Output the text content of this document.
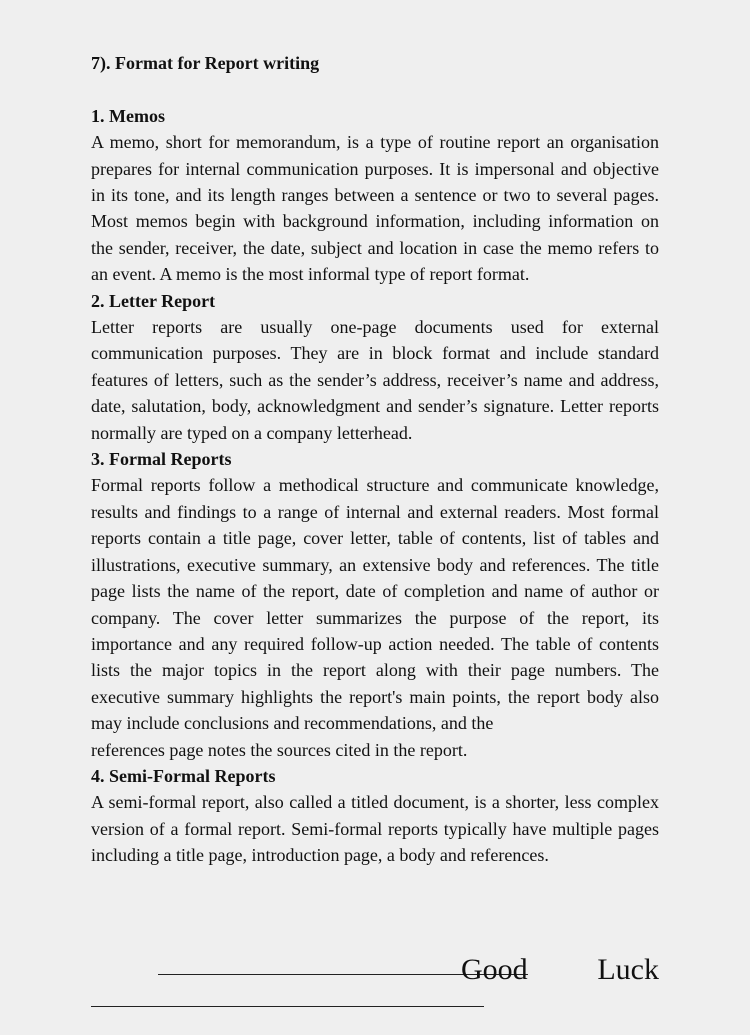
7). Format for Report writing

1. Memos

A memo, short for memorandum, is a type of routine report an organisation prepares for internal communication purposes. It is impersonal and objective in its tone, and its length ranges between a sentence or two to several pages. Most memos begin with background information, including information on the sender, receiver, the date, subject and location in case the memo refers to an event. A memo is the most informal type of report format.

2. Letter Report

Letter reports are usually one-page documents used for external communication purposes. They are in block format and include standard features of letters, such as the sender’s address, receiver’s name and address, date, salutation, body, acknowledgment and sender’s signature. Letter reports normally are typed on a company letterhead.

3. Formal Reports

Formal reports follow a methodical structure and communicate knowledge, results and findings to a range of internal and external readers. Most formal reports contain a title page, cover letter, table of contents, list of tables and illustrations, executive summary, an extensive body and references. The title page lists the name of the report, date of completion and name of author or company. The cover letter summarizes the purpose of the report, its importance and any required follow-up action needed. The table of contents lists the major topics in the report along with their page numbers. The executive summary highlights the report's main points, the report body also may include conclusions and recommendations, and the

references page notes the sources cited in the report.

4. Semi-Formal Reports

A semi-formal report, also called a titled document, is a shorter, less complex version of a formal report. Semi-formal reports typically have multiple pages including a title page, introduction page, a body and references.

Good Luck
